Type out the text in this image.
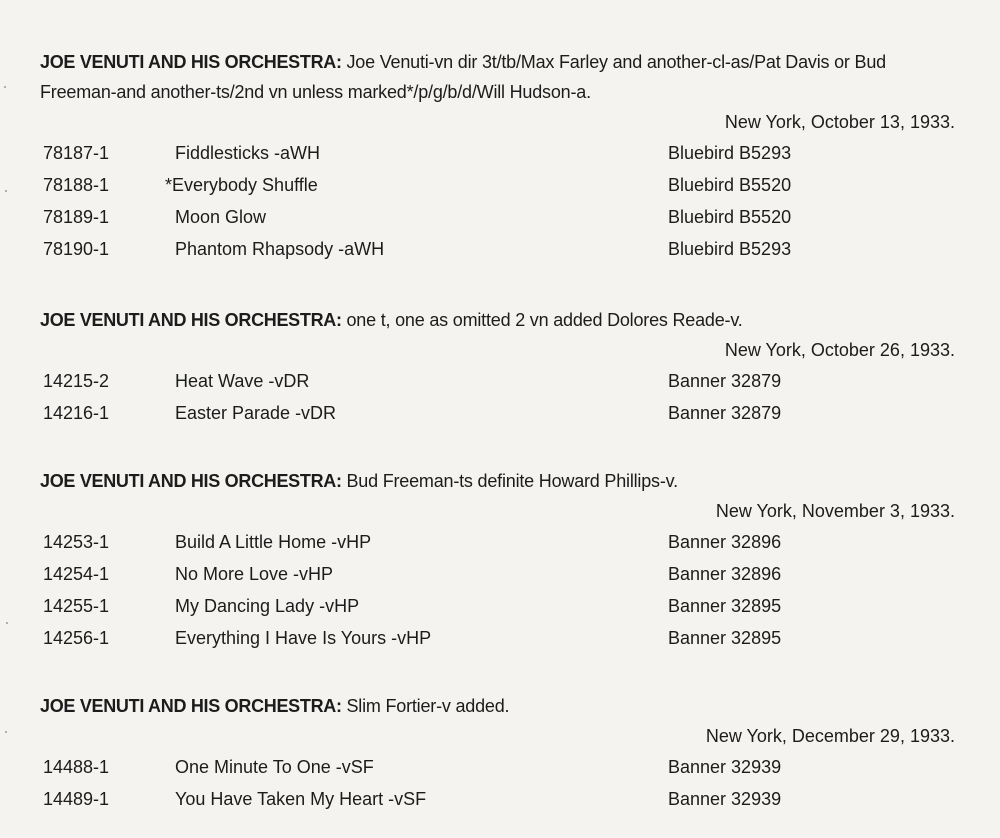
JOE VENUTI AND HIS ORCHESTRA: Joe Venuti-vn dir 3t/tb/Max Farley and another-cl-as/Pat Davis or Bud Freeman-and another-ts/2nd vn unless marked*/p/g/b/d/Will Hudson-a.
New York, October 13, 1933.
78187-1	Fiddlesticks -aWH	Bluebird B5293
78188-1	*Everybody Shuffle	Bluebird B5520
78189-1	Moon Glow	Bluebird B5520
78190-1	Phantom Rhapsody -aWH	Bluebird B5293
JOE VENUTI AND HIS ORCHESTRA: one t, one as omitted 2 vn added Dolores Reade-v.
New York, October 26, 1933.
14215-2	Heat Wave -vDR	Banner 32879
14216-1	Easter Parade -vDR	Banner 32879
JOE VENUTI AND HIS ORCHESTRA: Bud Freeman-ts definite Howard Phillips-v.
New York, November 3, 1933.
14253-1	Build A Little Home -vHP	Banner 32896
14254-1	No More Love -vHP	Banner 32896
14255-1	My Dancing Lady -vHP	Banner 32895
14256-1	Everything I Have Is Yours -vHP	Banner 32895
JOE VENUTI AND HIS ORCHESTRA: Slim Fortier-v added.
New York, December 29, 1933.
14488-1	One Minute To One -vSF	Banner 32939
14489-1	You Have Taken My Heart -vSF	Banner 32939
